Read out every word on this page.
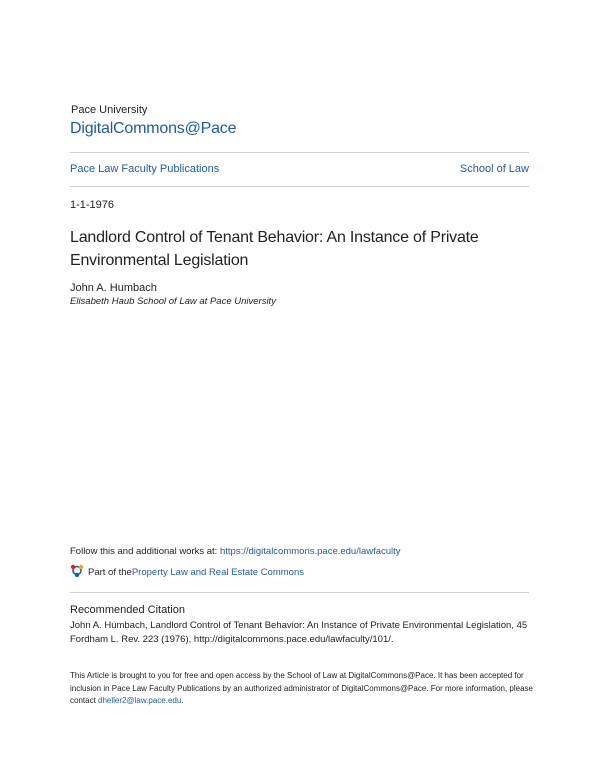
Pace University
DigitalCommons@Pace
Pace Law Faculty Publications	School of Law
1-1-1976
Landlord Control of Tenant Behavior: An Instance of Private Environmental Legislation
John A. Humbach
Elisabeth Haub School of Law at Pace University
Follow this and additional works at: https://digitalcommons.pace.edu/lawfaculty
Part of the Property Law and Real Estate Commons
Recommended Citation
John A. Humbach, Landlord Control of Tenant Behavior: An Instance of Private Environmental Legislation, 45 Fordham L. Rev. 223 (1976), http://digitalcommons.pace.edu/lawfaculty/101/.
This Article is brought to you for free and open access by the School of Law at DigitalCommons@Pace. It has been accepted for inclusion in Pace Law Faculty Publications by an authorized administrator of DigitalCommons@Pace. For more information, please contact dheller2@law.pace.edu.
